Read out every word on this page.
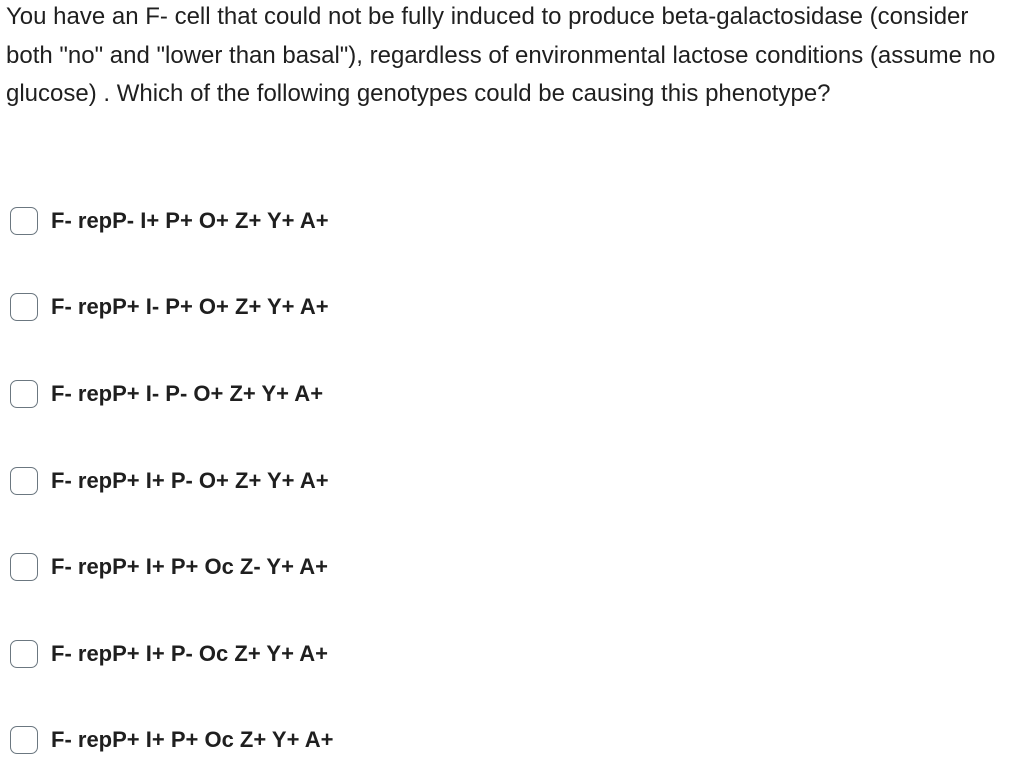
You have an F- cell that could not be fully induced to produce beta-galactosidase (consider both "no" and "lower than basal"), regardless of environmental lactose conditions (assume no glucose) . Which of the following genotypes could be causing this phenotype?

F- repP- I+ P+ O+ Z+ Y+ A+
F- repP+ I- P+ O+ Z+ Y+ A+
F- repP+ I- P- O+ Z+ Y+ A+
F- repP+ I+ P- O+ Z+ Y+ A+
F- repP+ I+ P+ Oc Z- Y+ A+
F- repP+ I+ P- Oc Z+ Y+ A+
F- repP+ I+ P+ Oc Z+ Y+ A+
